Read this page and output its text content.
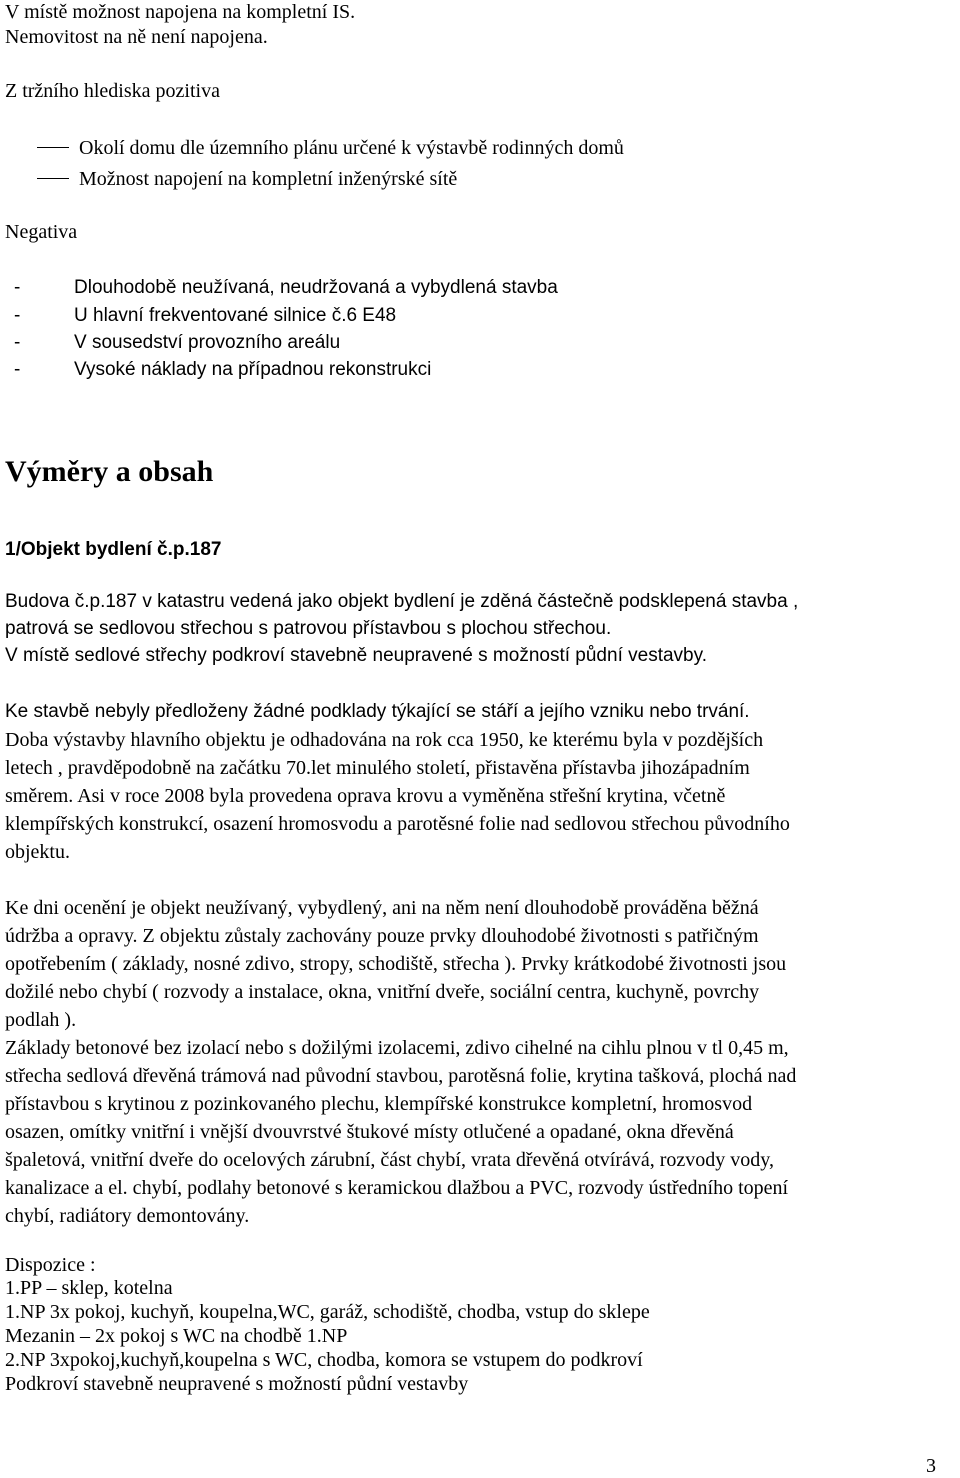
V místě možnost napojena na kompletní IS.
Nemovitost na ně není napojena.
Z tržního hlediska pozitiva
Okolí domu dle územního plánu určené k výstavbě rodinných domů
Možnost napojení na kompletní inženýrské sítě
Negativa
-	Dlouhodobě neužívaná, neudržovaná a vybydlená stavba
-	U hlavní frekventované silnice č.6 E48
-	V sousedství provozního areálu
-	Vysoké náklady na případnou rekonstrukci
Výměry a obsah
1/Objekt bydlení č.p.187
Budova č.p.187 v katastru vedená jako objekt bydlení je zděná částečně podsklepená stavba ,
patrová se sedlovou střechou s patrovou přístavbou s plochou střechou.
V místě sedlové střechy podkroví stavebně neupravené s možností půdní vestavby.
Ke stavbě nebyly předloženy žádné podklady týkající se stáří a jejího vzniku nebo trvání.
Doba výstavby hlavního objektu je odhadována na rok cca 1950, ke kterému byla v pozdějších
letech , pravděpodobně na začátku 70.let minulého století, přistavěna přístavba jihozápadním
směrem. Asi v roce 2008 byla provedena oprava krovu a vyměněna střešní krytina, včetně
klempířských konstrukcí, osazení hromosvodu a parotěsné folie nad sedlovou střechou původního
objektu.
Ke dni ocenění je objekt neužívaný, vybydlený, ani na něm není dlouhodobě prováděna běžná
údržba a opravy. Z objektu zůstaly zachovány pouze prvky dlouhodobé životnosti s patřičným
opotřebením ( základy, nosné zdivo, stropy, schodiště, střecha ). Prvky krátkodobé životnosti jsou
dožilé nebo chybí ( rozvody a instalace, okna, vnitřní dveře, sociální centra, kuchyně, povrchy
podlah ).
Základy betonové bez izolací nebo s dožilými izolacemi, zdivo cihelné na cihlu plnou v tl 0,45 m,
střecha sedlová dřevěná trámová nad původní stavbou, parotěsná folie, krytina tašková, plochá nad
přístavbou s krytinou z pozinkovaného plechu, klempířské konstrukce kompletní, hromosvod
osazen, omítky vnitřní i vnější dvouvrstvé štukové místy otlučené a opadané, okna dřevěná
špaletová, vnitřní dveře do ocelových zárubní, část chybí, vrata dřevěná otvírává, rozvody vody,
kanalizace a el. chybí, podlahy betonové s keramickou dlažbou a PVC, rozvody ústředního topení
chybí, radiátory demontovány.
Dispozice :
1.PP – sklep, kotelna
1.NP 3x pokoj, kuchyň, koupelna,WC, garáž, schodiště, chodba, vstup do sklepe
Mezanin – 2x pokoj s WC na chodbě 1.NP
2.NP 3xpokoj,kuchyň,koupelna s WC, chodba, komora se vstupem do podkroví
Podkroví stavebně neupravené s možností půdní vestavby
3
